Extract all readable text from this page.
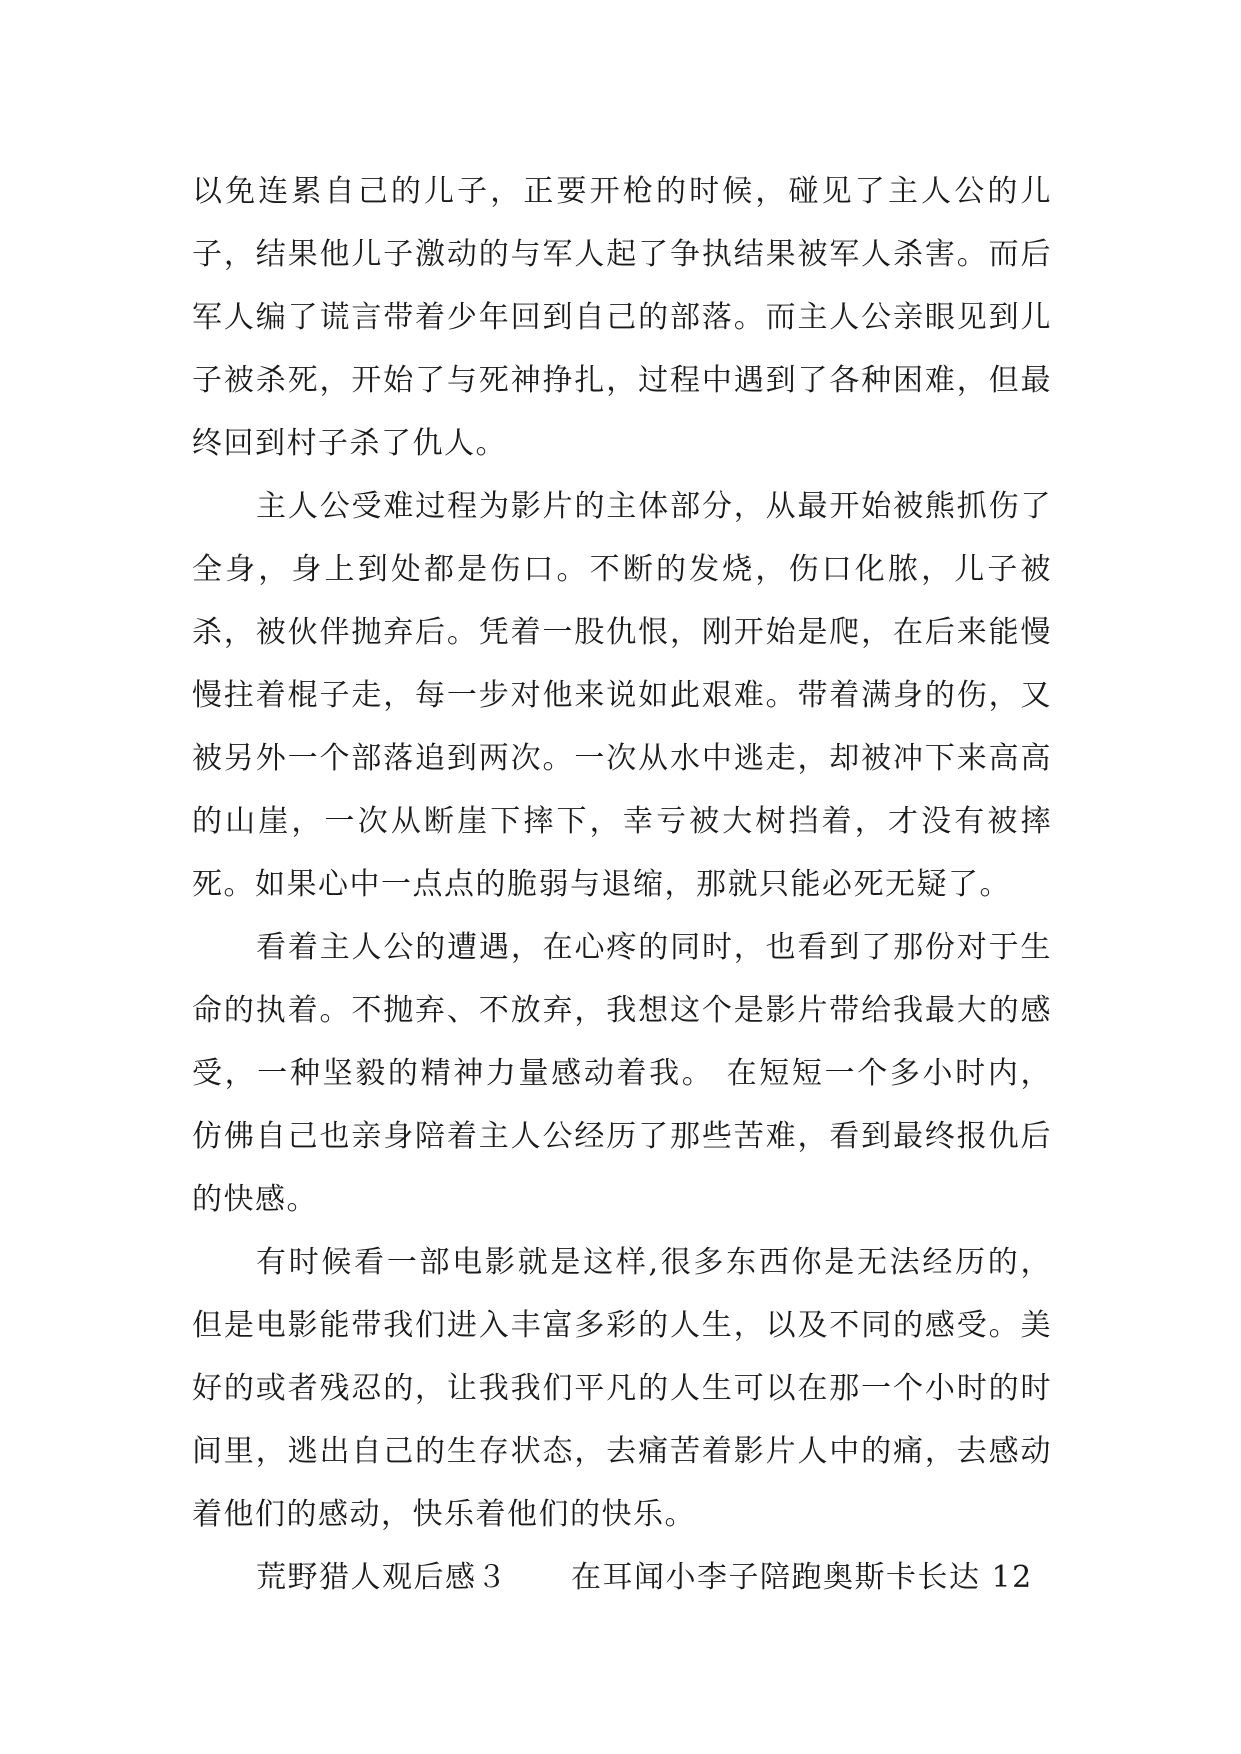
以免连累自己的儿子，正要开枪的时候，碰见了主人公的儿子，结果他儿子激动的与军人起了争执结果被军人杀害。而后军人编了谎言带着少年回到自己的部落。而主人公亲眼见到儿子被杀死，开始了与死神挣扎，过程中遇到了各种困难，但最终回到村子杀了仇人。

主人公受难过程为影片的主体部分，从最开始被熊抓伤了全身，身上到处都是伤口。不断的发烧，伤口化脓，儿子被杀，被伙伴抛弃后。凭着一股仇恨，刚开始是爬，在后来能慢慢拄着棍子走，每一步对他来说如此艰难。带着满身的伤，又被另外一个部落追到两次。一次从水中逃走，却被冲下来高高的山崖，一次从断崖下摔下，幸亏被大树挡着，才没有被摔死。如果心中一点点的脆弱与退缩，那就只能必死无疑了。

看着主人公的遭遇，在心疼的同时，也看到了那份对于生命的执着。不抛弃、不放弃，我想这个是影片带给我最大的感受，一种坚毅的精神力量感动着我。 在短短一个多小时内，仿佛自己也亲身陪着主人公经历了那些苦难，看到最终报仇后的快感。

有时候看一部电影就是这样,很多东西你是无法经历的，但是电影能带我们进入丰富多彩的人生，以及不同的感受。美好的或者残忍的，让我我们平凡的人生可以在那一个小时的时间里，逃出自己的生存状态，去痛苦着影片人中的痛，去感动着他们的感动，快乐着他们的快乐。

荒野猎人观后感３　　在耳闻小李子陪跑奥斯卡长达 12
